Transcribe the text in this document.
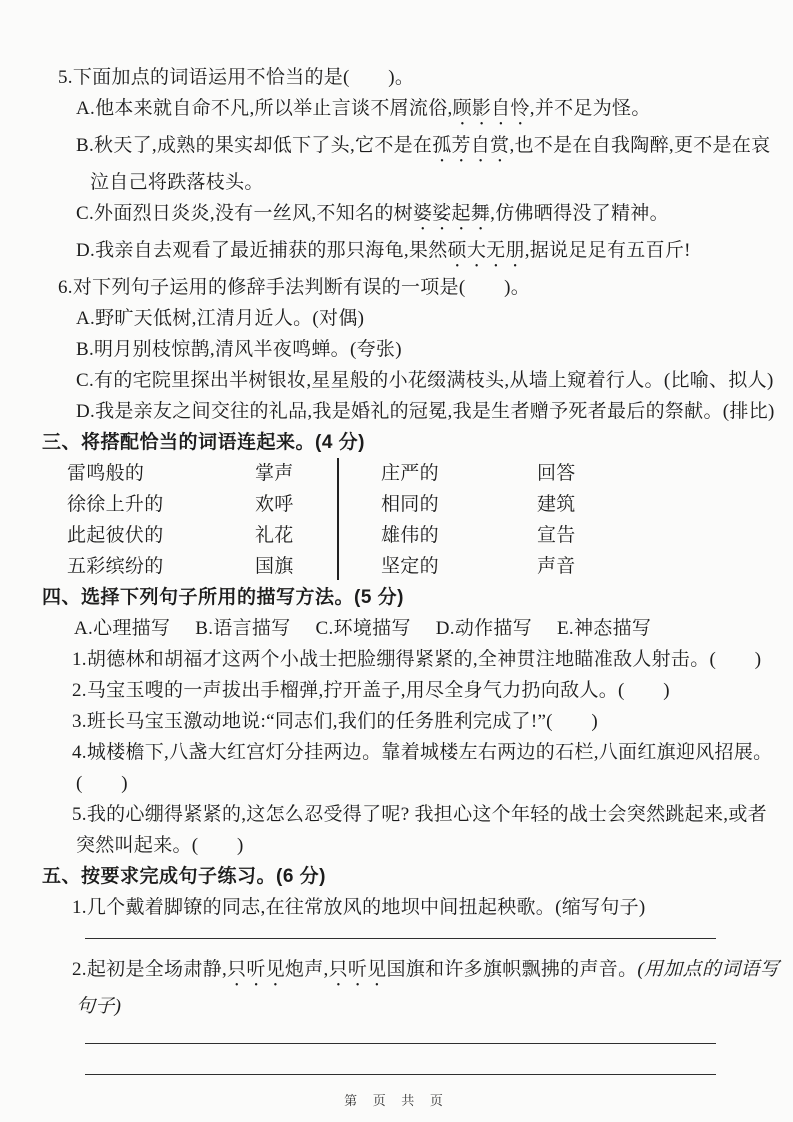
5.下面加点的词语运用不恰当的是(　　)。
A.他本来就自命不凡,所以举止言谈不屑流俗,顾影自怜,并不足为怪。
B.秋天了,成熟的果实却低下了头,它不是在孤芳自赏,也不是在自我陶醉,更不是在哀
泣自己将跌落枝头。
C.外面烈日炎炎,没有一丝风,不知名的树婆娑起舞,仿佛晒得没了精神。
D.我亲自去观看了最近捕获的那只海龟,果然硕大无朋,据说足足有五百斤!
6.对下列句子运用的修辞手法判断有误的一项是(　　)。
A.野旷天低树,江清月近人。(对偶)
B.明月别枝惊鹊,清风半夜鸣蝉。(夸张)
C.有的宅院里探出半树银妆,星星般的小花缀满枝头,从墙上窥着行人。(比喻、拟人)
D.我是亲友之间交往的礼品,我是婚礼的冠冕,我是生者赠予死者最后的祭献。(排比)
三、将搭配恰当的词语连起来。(4 分)
雷鸣般的	掌声	庄严的	回答
徐徐上升的	欢呼	相同的	建筑
此起彼伏的	礼花	雄伟的	宣告
五彩缤纷的	国旗	坚定的	声音
四、选择下列句子所用的描写方法。(5 分)
A.心理描写 B.语言描写 C.环境描写 D.动作描写 E.神态描写
1.胡德林和胡福才这两个小战士把脸绷得紧紧的,全神贯注地瞄准敌人射击。(　　)
2.马宝玉嗖的一声拔出手榴弹,拧开盖子,用尽全身气力扔向敌人。(　　)
3.班长马宝玉激动地说:“同志们,我们的任务胜利完成了!”(　　)
4.城楼檐下,八盏大红宫灯分挂两边。靠着城楼左右两边的石栏,八面红旗迎风招展。
(　　)
5.我的心绷得紧紧的,这怎么忍受得了呢? 我担心这个年轻的战士会突然跳起来,或者
突然叫起来。(　　)
五、按要求完成句子练习。(6 分)
1.几个戴着脚镣的同志,在往常放风的地坝中间扭起秧歌。(缩写句子)
2.起初是全场肃静,只听见炮声,只听见国旗和许多旗帜飘拂的声音。(用加点的词语写
句子)
第 页 共 页
